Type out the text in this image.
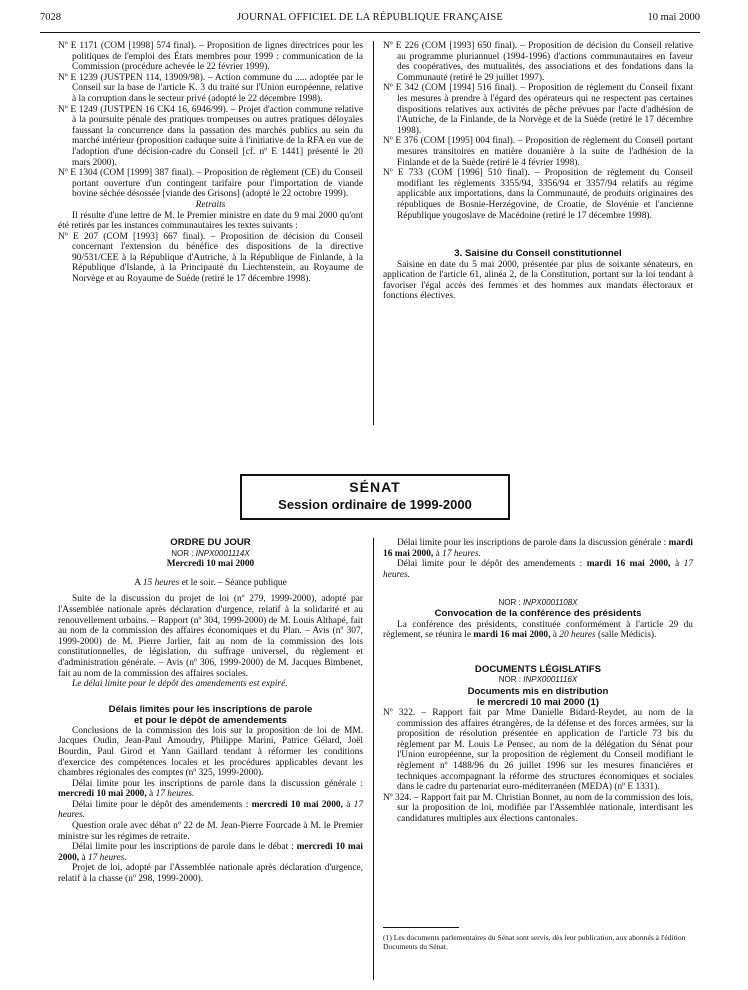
7028	JOURNAL OFFICIEL DE LA RÉPUBLIQUE FRANÇAISE	10 mai 2000

Nº E 1171 (COM [1998] 574 final). – Proposition de lignes directrices pour les politiques de l'emploi des États membres pour 1999 : communication de la Commission (procédure achevée le 22 février 1999).

Nº E 1239 (JUSTPEN 114, 13909/98). – Action commune du ..... adoptée par le Conseil sur la base de l'article K. 3 du traité sur l'Union européenne, relative à la corruption dans le secteur privé (adopté le 22 décembre 1998).

Nº E 1249 (JUSTPEN 16 CK4 16, 6946/99). – Projet d'action commune relative à la poursuite pénale des pratiques trompeuses ou autres pratiques déloyales faussant la concurrence dans la passation des marchés publics au sein du marché intérieur (proposition caduque suite à l'initiative de la RFA en vue de l'adoption d'une décision-cadre du Conseil [cf. nº E 1441] présenté le 20 mars 2000).

Nº E 1304 (COM [1999] 387 final). – Proposition de règlement (CE) du Conseil portant ouverture d'un contingent tarifaire pour l'importation de viande bovine séchée désossée [viande des Grisons] (adopté le 22 octobre 1999).

Retraits

Il résulte d'une lettre de M. le Premier ministre en date du 9 mai 2000 qu'ont été retirés par les instances communautaires les textes suivants :

Nº E 207 (COM [1993] 667 final). – Proposition de décision du Conseil concernant l'extension du bénéfice des dispositions de la directive 90/531/CEE à la République d'Autriche, à la République de Finlande, à la République d'Islande, à la Principauté du Liechtenstein, au Royaume de Norvège et au Royaume de Suède (retiré le 17 décembre 1998).

Nº E 226 (COM [1993] 650 final). – Proposition de décision du Conseil relative au programme pluriannuel (1994-1996) d'actions communautaires en faveur des coopératives, des mutualités, des associations et des fondations dans la Communauté (retiré le 29 juillet 1997).

Nº E 342 (COM [1994] 516 final). – Proposition de règlement du Conseil fixant les mesures à prendre à l'égard des opérateurs qui ne respectent pas certaines dispositions relatives aux activités de pêche prévues par l'acte d'adhésion de l'Autriche, de la Finlande, de la Norvège et de la Suède (retiré le 17 décembre 1998).

Nº E 376 (COM [1995] 004 final). – Proposition de règlement du Conseil portant mesures transitoires en matière douanière à la suite de l'adhésion de la Finlande et de la Suède (retiré le 4 février 1998).

Nº E 733 (COM [1996] 510 final). – Proposition de règlement du Conseil modifiant les règlements 3355/94, 3356/94 et 3357/94 relatifs au régime applicable aux importations, dans la Communauté, de produits originaires des républiques de Bosnie-Herzégovine, de Croatie, de Slovénie et l'ancienne République yougoslave de Macédoine (retiré le 17 décembre 1998).

3. Saisine du Conseil constitutionnel

Saisine en date du 5 mai 2000, présentée par plus de soixante sénateurs, en application de l'article 61, alinéa 2, de la Constitution, portant sur la loi tendant à favoriser l'égal accès des femmes et des hommes aux mandats électoraux et fonctions électives.

SÉNAT
Session ordinaire de 1999-2000

ORDRE DU JOUR

NOR : INPX0001114X

Mercredi 10 mai 2000

A 15 heures et le soir. – Séance publique

Suite de la discussion du projet de loi (nº 279, 1999-2000), adopté par l'Assemblée nationale après déclaration d'urgence, relatif à la solidarité et au renouvellement urbains. – Rapport (nº 304, 1999-2000) de M. Louis Althapé, fait au nom de la commission des affaires économiques et du Plan. – Avis (nº 307, 1999-2000) de M. Pierre Jarlier, fait au nom de la commission des lois constitutionnelles, de législation, du suffrage universel, du règlement et d'administration générale. – Avis (nº 306, 1999-2000) de M. Jacques Bimbenet, fait au nom de la commission des affaires sociales.

Le délai limite pour le dépôt des amendements est expiré.

Délais limites pour les inscriptions de parole
et pour le dépôt de amendements

Conclusions de la commission des lois sur la proposition de loi de MM. Jacques Oudin, Jean-Paul Amoudry, Philippe Marini, Patrice Gélard, Joël Bourdin, Paul Girod et Yann Gaillard tendant à réformer les conditions d'exercice des compétences locales et les procédures applicables devant les chambres régionales des comptes (nº 325, 1999-2000).

Délai limite pour les inscriptions de parole dans la discussion générale : mercredi 10 mai 2000, à 17 heures.

Délai limite pour le dépôt des amendements : mercredi 10 mai 2000, à 17 heures.

Question orale avec débat nº 22 de M. Jean-Pierre Fourcade à M. le Premier ministre sur les régimes de retraite.

Délai limite pour les inscriptions de parole dans le débat : mercredi 10 mai 2000, à 17 heures.

Projet de loi, adopté par l'Assemblée nationale après déclaration d'urgence, relatif à la chasse (nº 298, 1999-2000).

Délai limite pour les inscriptions de parole dans la discussion générale : mardi 16 mai 2000, à 17 heures.

Délai limite pour le dépôt des amendements : mardi 16 mai 2000, à 17 heures.

NOR : INPX0001108X

Convocation de la conférence des présidents

La conférence des présidents, constituée conformément à l'article 29 du règlement, se réunira le mardi 16 mai 2000, à 20 heures (salle Médicis).

DOCUMENTS LÉGISLATIFS

NOR : INPX0001116X

Documents mis en distribution
le mercredi 10 mai 2000 (1)

Nº 322. – Rapport fait par Mme Danielle Bidard-Reydet, au nom de la commission des affaires étrangères, de la défense et des forces armées, sur la proposition de résolution présentée en application de l'article 73 bis du règlement par M. Louis Le Pensec, au nom de la délégation du Sénat pour l'Union européenne, sur la proposition de règlement du Conseil modifiant le règlement nº 1488/96 du 26 juillet 1996 sur les mesures financières et techniques accompagnant la réforme des structures économiques et sociales dans le cadre du partenariat euro-méditerranéen (MEDA) (nº E 1331).

Nº 324. – Rapport fait par M. Christian Bonnet, au nom de la commission des lois, sur la proposition de loi, modifiée par l'Assemblée nationale, interdisant les candidatures multiples aux élections cantonales.

(1) Les documents parlementaires du Sénat sont servis, dès leur publication, aux abonnés à l'édition Documents du Sénat.
